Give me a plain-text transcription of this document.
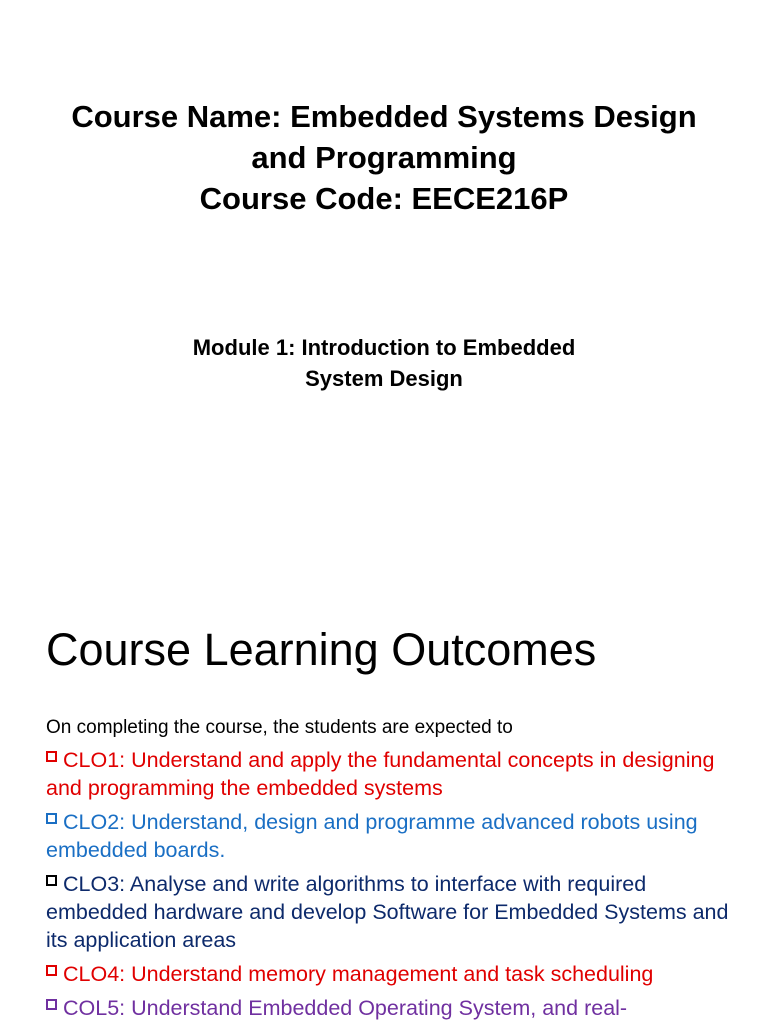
Course Name: Embedded Systems Design
and Programming
Course Code: EECE216P
Module 1: Introduction to Embedded
System Design
Course Learning Outcomes
On completing the course, the students are expected to
CLO1: Understand and apply the fundamental concepts in designing and programming the embedded systems
CLO2: Understand, design and programme advanced robots using embedded boards.
CLO3: Analyse and write algorithms to interface with required embedded hardware and develop Software for Embedded Systems and its application areas
CLO4: Understand memory management and task scheduling
COL5: Understand Embedded Operating System, and real-
